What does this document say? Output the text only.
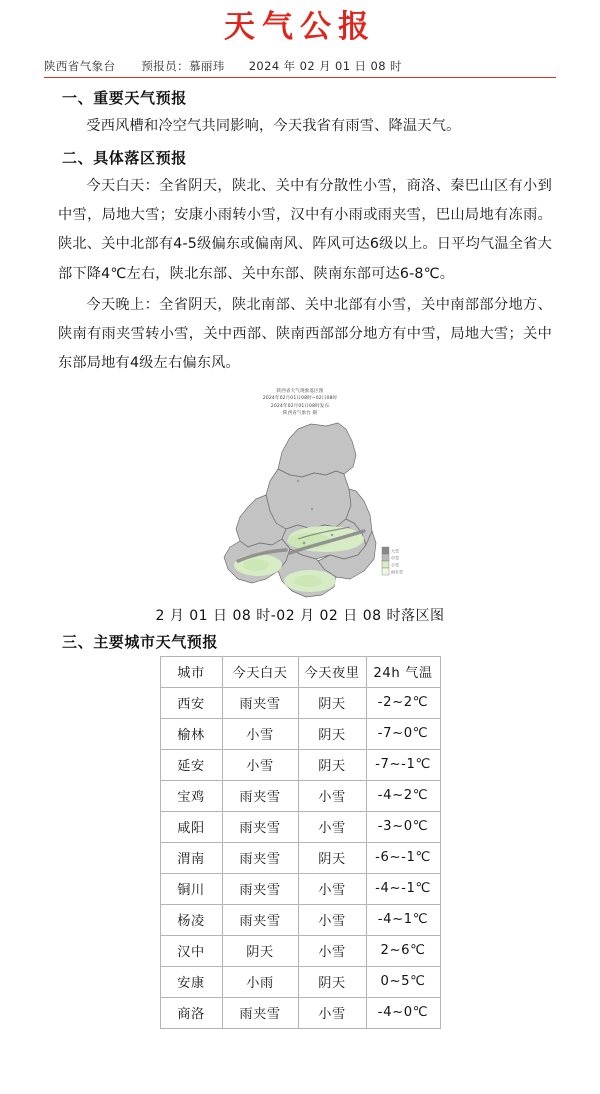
天气公报
陕西省气象台 预报员：慕丽玮 2024 年 02 月 01 日 08 时
一、重要天气预报

受西风槽和冷空气共同影响，今天我省有雨雪、降温天气。

二、具体落区预报

今天白天：全省阴天，陕北、关中有分散性小雪，商洛、秦巴山区有小到中雪，局地大雪；安康小雨转小雪，汉中有小雨或雨夹雪，巴山局地有冻雨。陕北、关中北部有4-5级偏东或偏南风、阵风可达6级以上。日平均气温全省大部下降4℃左右，陕北东部、关中东部、陕南东部可达6-8℃。

今天晚上：全省阴天，陕北南部、关中北部有小雪，关中南部部分地方、陕南有雨夹雪转小雪，关中西部、陕南西部部分地方有中雪，局地大雪；关中东部局地有4级左右偏东风。

陕西省天气现象落区图
2024年02月01日08时~02日08时
2024年02月01日08时发布
陕西省气象台 制
大雪
中雪
小雪
雨夹雪
2 月 01 日 08 时-02 月 02 日 08 时落区图
三、主要城市天气预报
城市	今天白天	今天夜里	24h 气温
西安	雨夹雪	阴天	-2~2℃
榆林	小雪	阴天	-7~0℃
延安	小雪	阴天	-7~-1℃
宝鸡	雨夹雪	小雪	-4~2℃
咸阳	雨夹雪	小雪	-3~0℃
渭南	雨夹雪	阴天	-6~-1℃
铜川	雨夹雪	小雪	-4~-1℃
杨凌	雨夹雪	小雪	-4~1℃
汉中	阴天	小雪	2~6℃
安康	小雨	阴天	0~5℃
商洛	雨夹雪	小雪	-4~0℃
